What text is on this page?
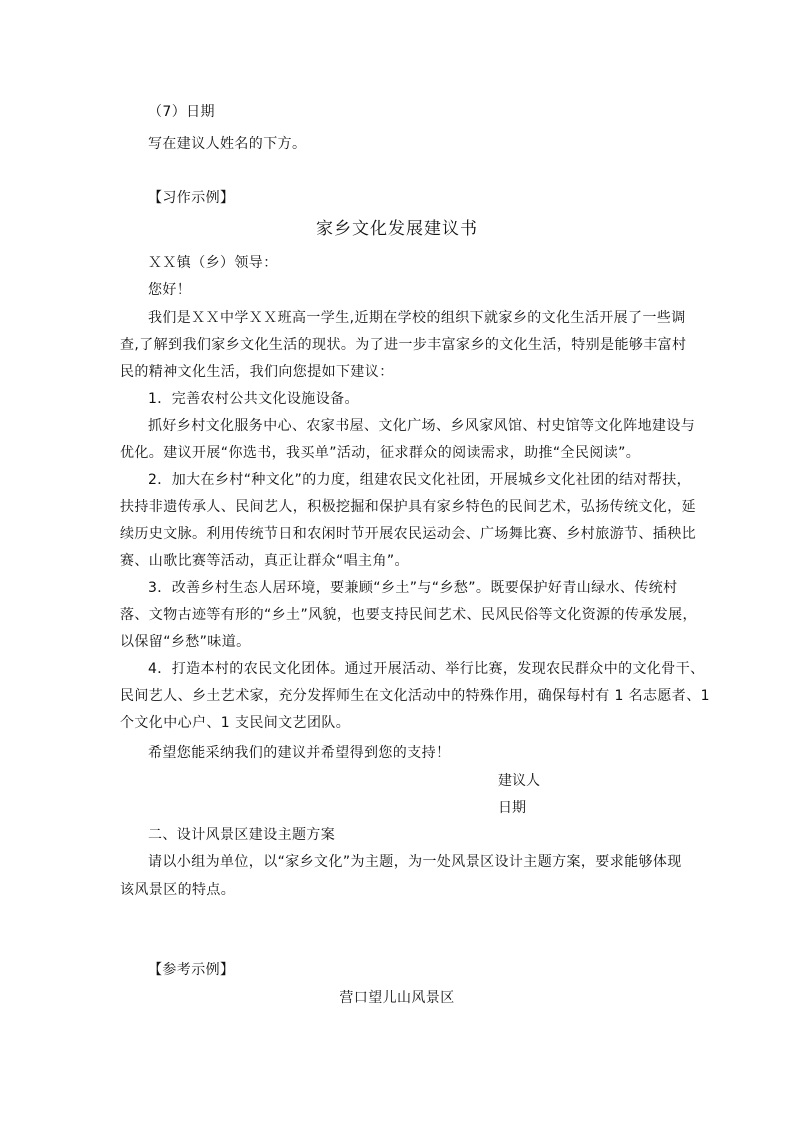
（7）日期
写在建议人姓名的下方。
【习作示例】
家乡文化发展建议书
ＸＸ镇（乡）领导：
您好！
我们是ＸＸ中学ＸＸ班高一学生,近期在学校的组织下就家乡的文化生活开展了一些调
查,了解到我们家乡文化生活的现状。为了进一步丰富家乡的文化生活，特别是能够丰富村
民的精神文化生活，我们向您提如下建议：
1．完善农村公共文化设施设备。
抓好乡村文化服务中心、农家书屋、文化广场、乡风家风馆、村史馆等文化阵地建设与
优化。建议开展“你选书，我买单”活动，征求群众的阅读需求，助推“全民阅读”。
2．加大在乡村“种文化”的力度，组建农民文化社团，开展城乡文化社团的结对帮扶，
扶持非遗传承人、民间艺人，积极挖掘和保护具有家乡特色的民间艺术，弘扬传统文化，延
续历史文脉。利用传统节日和农闲时节开展农民运动会、广场舞比赛、乡村旅游节、插秧比
赛、山歌比赛等活动，真正让群众“唱主角”。
3．改善乡村生态人居环境，要兼顾“乡土”与“乡愁”。既要保护好青山绿水、传统村
落、文物古迹等有形的“乡土”风貌，也要支持民间艺术、民风民俗等文化资源的传承发展，
以保留“乡愁”味道。
4．打造本村的农民文化团体。通过开展活动、举行比赛，发现农民群众中的文化骨干、
民间艺人、乡土艺术家，充分发挥师生在文化活动中的特殊作用，确保每村有 1 名志愿者、1
个文化中心户、1 支民间文艺团队。
希望您能采纳我们的建议并希望得到您的支持！
建议人
日期
二、设计风景区建设主题方案
请以小组为单位，以“家乡文化”为主题，为一处风景区设计主题方案，要求能够体现
该风景区的特点。
【参考示例】
营口望儿山风景区
